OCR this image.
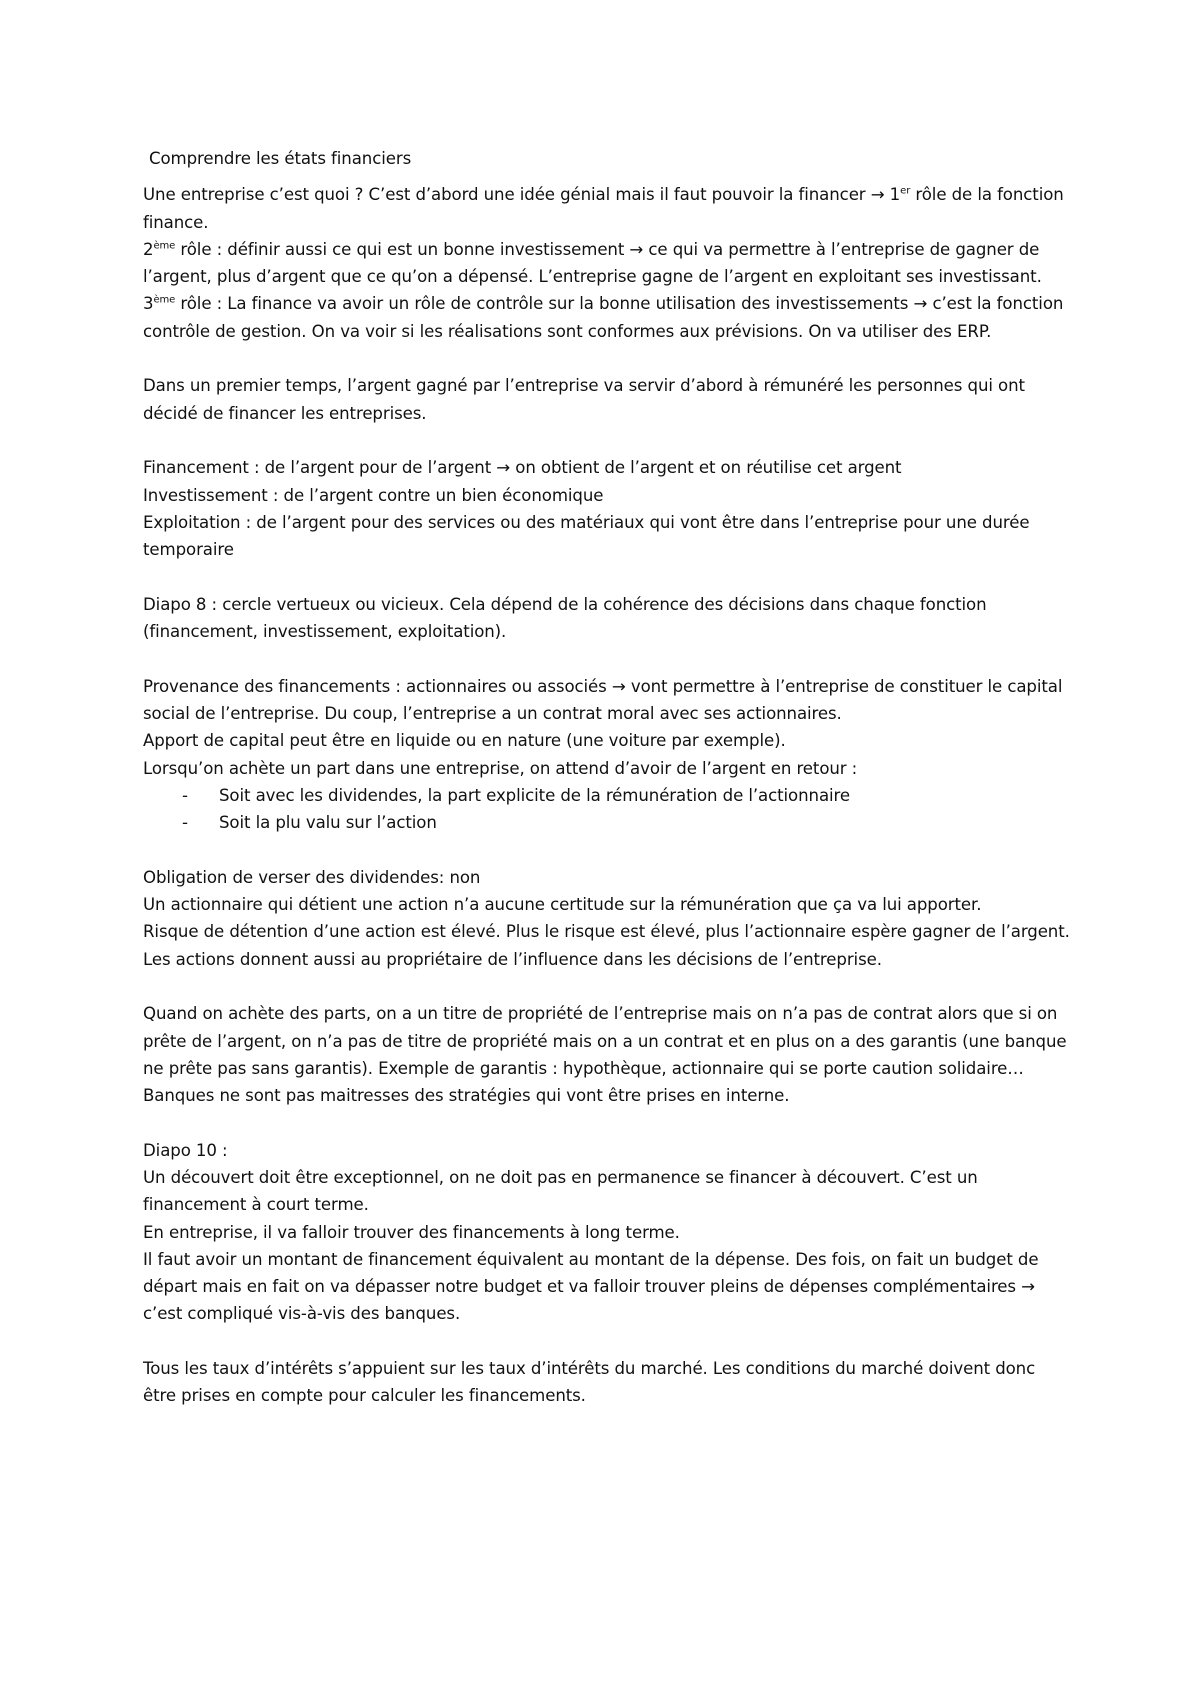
Comprendre les états financiers
Une entreprise c’est quoi ? C’est d’abord une idée génial mais il faut pouvoir la financer → 1er rôle de la fonction finance.
2ème rôle : définir aussi ce qui est un bonne investissement → ce qui va permettre à l’entreprise de gagner de l’argent, plus d’argent que ce qu’on a dépensé. L’entreprise gagne de l’argent en exploitant ses investissant.
3ème rôle : La finance va avoir un rôle de contrôle sur la bonne utilisation des investissements → c’est la fonction contrôle de gestion. On va voir si les réalisations sont conformes aux prévisions. On va utiliser des ERP.
Dans un premier temps, l’argent gagné par l’entreprise va servir d’abord à rémunéré les personnes qui ont décidé de financer les entreprises.
Financement : de l’argent pour de l’argent → on obtient de l’argent et on réutilise cet argent
Investissement : de l’argent contre un bien économique
Exploitation : de l’argent pour des services ou des matériaux qui vont être dans l’entreprise pour une durée temporaire
Diapo 8 : cercle vertueux ou vicieux. Cela dépend de la cohérence des décisions dans chaque fonction (financement, investissement, exploitation).
Provenance des financements : actionnaires ou associés → vont permettre à l’entreprise de constituer le capital social de l’entreprise. Du coup, l’entreprise a un contrat moral avec ses actionnaires.
Apport de capital peut être en liquide ou en nature (une voiture par exemple).
Lorsqu’on achète un part dans une entreprise, on attend d’avoir de l’argent en retour :
- Soit avec les dividendes, la part explicite de la rémunération de l’actionnaire
- Soit la plu valu sur l’action
Obligation de verser des dividendes: non
Un actionnaire qui détient une action n’a aucune certitude sur la rémunération que ça va lui apporter.
Risque de détention d’une action est élevé. Plus le risque est élevé, plus l’actionnaire espère gagner de l’argent. Les actions donnent aussi au propriétaire de l’influence dans les décisions de l’entreprise.
Quand on achète des parts, on a un titre de propriété de l’entreprise mais on n’a pas de contrat alors que si on prête de l’argent, on n’a pas de titre de propriété mais on a un contrat et en plus on a des garantis (une banque ne prête pas sans garantis). Exemple de garantis : hypothèque, actionnaire qui se porte caution solidaire…
Banques ne sont pas maitresses des stratégies qui vont être prises en interne.
Diapo 10 :
Un découvert doit être exceptionnel, on ne doit pas en permanence se financer à découvert. C’est un financement à court terme.
En entreprise, il va falloir trouver des financements à long terme.
Il faut avoir un montant de financement équivalent au montant de la dépense. Des fois, on fait un budget de départ mais en fait on va dépasser notre budget et va falloir trouver pleins de dépenses complémentaires → c’est compliqué vis-à-vis des banques.
Tous les taux d’intérêts s’appuient sur les taux d’intérêts du marché. Les conditions du marché doivent donc être prises en compte pour calculer les financements.
